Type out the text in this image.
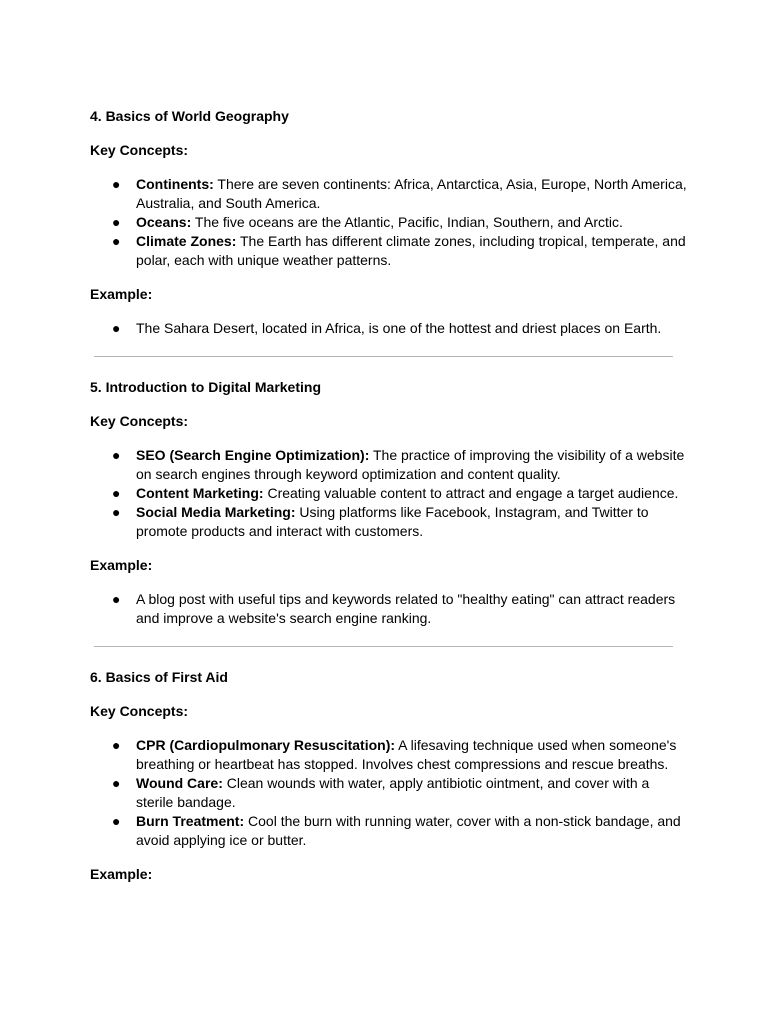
4. Basics of World Geography

Key Concepts:

● Continents: There are seven continents: Africa, Antarctica, Asia, Europe, North America, Australia, and South America.
● Oceans: The five oceans are the Atlantic, Pacific, Indian, Southern, and Arctic.
● Climate Zones: The Earth has different climate zones, including tropical, temperate, and polar, each with unique weather patterns.

Example:

● The Sahara Desert, located in Africa, is one of the hottest and driest places on Earth.

5. Introduction to Digital Marketing

Key Concepts:

● SEO (Search Engine Optimization): The practice of improving the visibility of a website on search engines through keyword optimization and content quality.
● Content Marketing: Creating valuable content to attract and engage a target audience.
● Social Media Marketing: Using platforms like Facebook, Instagram, and Twitter to promote products and interact with customers.

Example:

● A blog post with useful tips and keywords related to "healthy eating" can attract readers and improve a website's search engine ranking.

6. Basics of First Aid

Key Concepts:

● CPR (Cardiopulmonary Resuscitation): A lifesaving technique used when someone's breathing or heartbeat has stopped. Involves chest compressions and rescue breaths.
● Wound Care: Clean wounds with water, apply antibiotic ointment, and cover with a sterile bandage.
● Burn Treatment: Cool the burn with running water, cover with a non-stick bandage, and avoid applying ice or butter.

Example:
